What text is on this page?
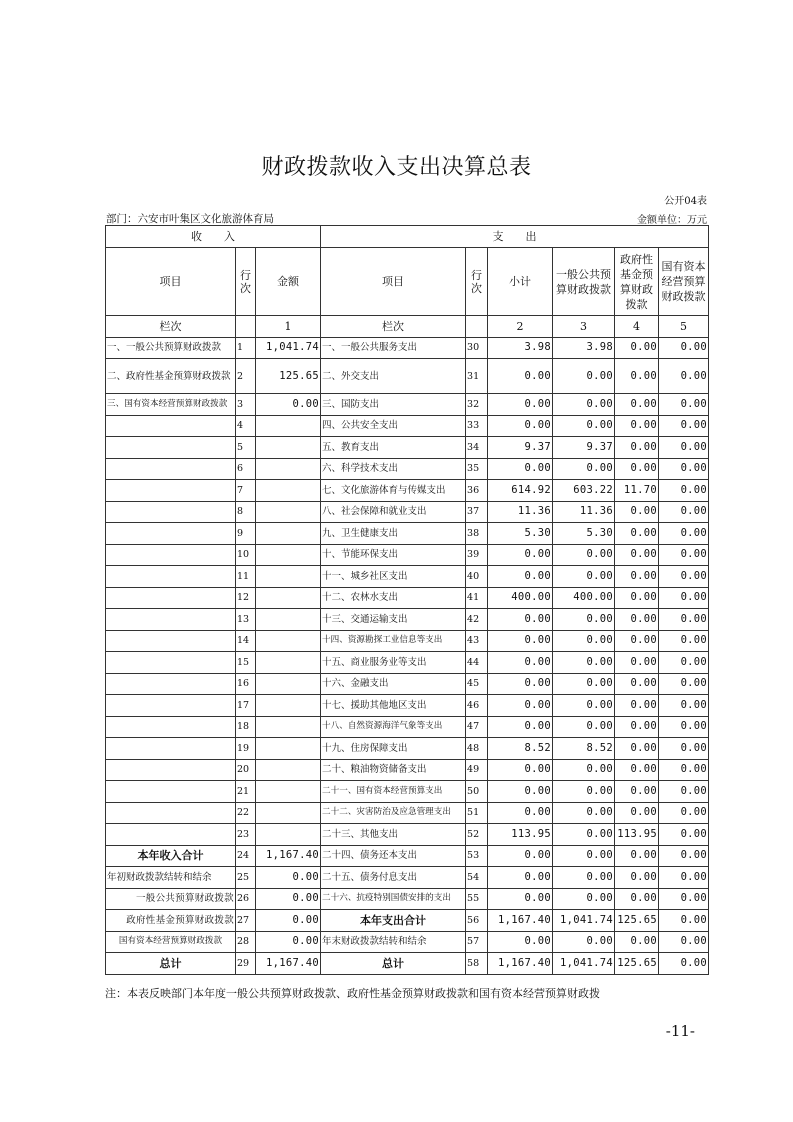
财政拨款收入支出决算总表
公开04表
部门：六安市叶集区文化旅游体育局	金额单位：万元
收　　入			支　　出					
项目	行次	金额	项目	行次	小计	一般公共预算财政拨款	政府性基金预算财政拨款	国有资本经营预算财政拨款
栏次		1	栏次		2	3	4	5
一、一般公共预算财政拨款	1	1,041.74	一、一般公共服务支出	30	3.98	3.98	0.00	0.00
二、政府性基金预算财政拨款	2	125.65	二、外交支出	31	0.00	0.00	0.00	0.00
三、国有资本经营预算财政拨款	3	0.00	三、国防支出	32	0.00	0.00	0.00	0.00
	4		四、公共安全支出	33	0.00	0.00	0.00	0.00
	5		五、教育支出	34	9.37	9.37	0.00	0.00
	6		六、科学技术支出	35	0.00	0.00	0.00	0.00
	7		七、文化旅游体育与传媒支出	36	614.92	603.22	11.70	0.00
	8		八、社会保障和就业支出	37	11.36	11.36	0.00	0.00
	9		九、卫生健康支出	38	5.30	5.30	0.00	0.00
	10		十、节能环保支出	39	0.00	0.00	0.00	0.00
	11		十一、城乡社区支出	40	0.00	0.00	0.00	0.00
	12		十二、农林水支出	41	400.00	400.00	0.00	0.00
	13		十三、交通运输支出	42	0.00	0.00	0.00	0.00
	14		十四、资源勘探工业信息等支出	43	0.00	0.00	0.00	0.00
	15		十五、商业服务业等支出	44	0.00	0.00	0.00	0.00
	16		十六、金融支出	45	0.00	0.00	0.00	0.00
	17		十七、援助其他地区支出	46	0.00	0.00	0.00	0.00
	18		十八、自然资源海洋气象等支出	47	0.00	0.00	0.00	0.00
	19		十九、住房保障支出	48	8.52	8.52	0.00	0.00
	20		二十、粮油物资储备支出	49	0.00	0.00	0.00	0.00
	21		二十一、国有资本经营预算支出	50	0.00	0.00	0.00	0.00
	22		二十二、灾害防治及应急管理支出	51	0.00	0.00	0.00	0.00
	23		二十三、其他支出	52	113.95	0.00	113.95	0.00
本年收入合计	24	1,167.40	二十四、债务还本支出	53	0.00	0.00	0.00	0.00
年初财政拨款结转和结余	25	0.00	二十五、债务付息支出	54	0.00	0.00	0.00	0.00
一般公共预算财政拨款	26	0.00	二十六、抗疫特别国债安排的支出	55	0.00	0.00	0.00	0.00
政府性基金预算财政拨款	27	0.00	本年支出合计	56	1,167.40	1,041.74	125.65	0.00
国有资本经营预算财政拨款	28	0.00	年末财政拨款结转和结余	57	0.00	0.00	0.00	0.00
总计	29	1,167.40	总计	58	1,167.40	1,041.74	125.65	0.00
注：本表反映部门本年度一般公共预算财政拨款、政府性基金预算财政拨款和国有资本经营预算财政拨
-11-
